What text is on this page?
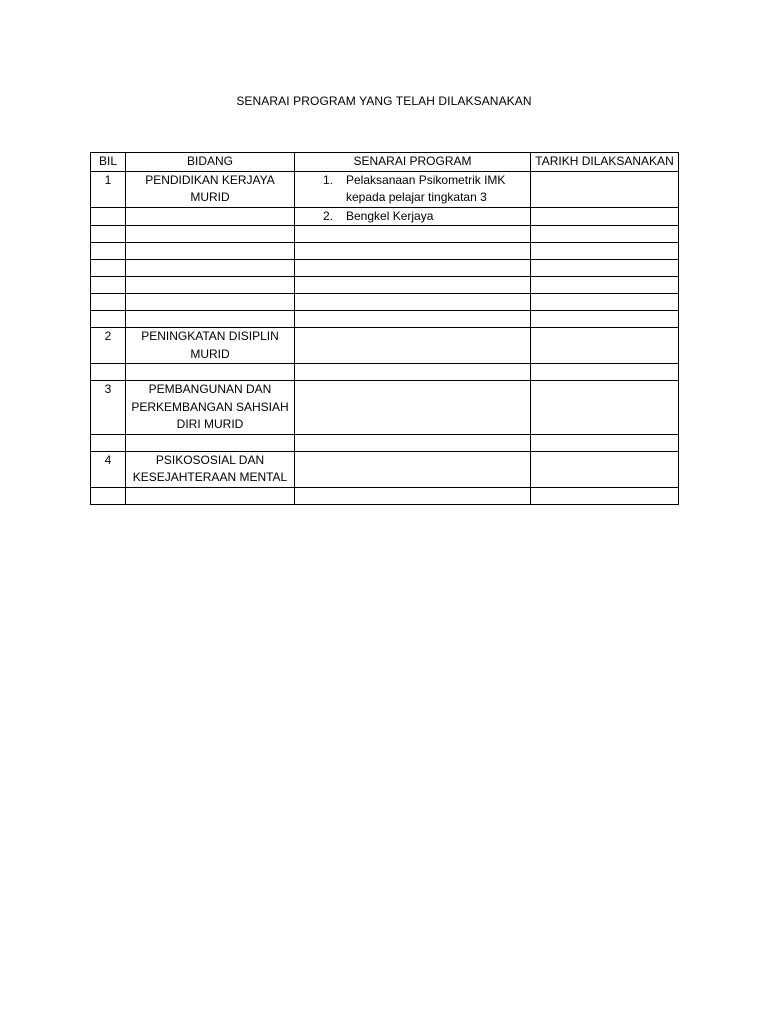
SENARAI PROGRAM YANG TELAH DILAKSANAKAN
BIL	BIDANG	SENARAI PROGRAM	TARIKH DILAKSANAKAN
1	PENDIDIKAN KERJAYA MURID	1. Pelaksanaan Psikometrik IMK kepada pelajar tingkatan 3	

		2. Bengkel Kerjaya	

2	PENINGKATAN DISIPLIN MURID		

3	PEMBANGUNAN DAN PERKEMBANGAN SAHSIAH DIRI MURID		

4	PSIKOSOSIAL DAN KESEJAHTERAAN MENTAL		
